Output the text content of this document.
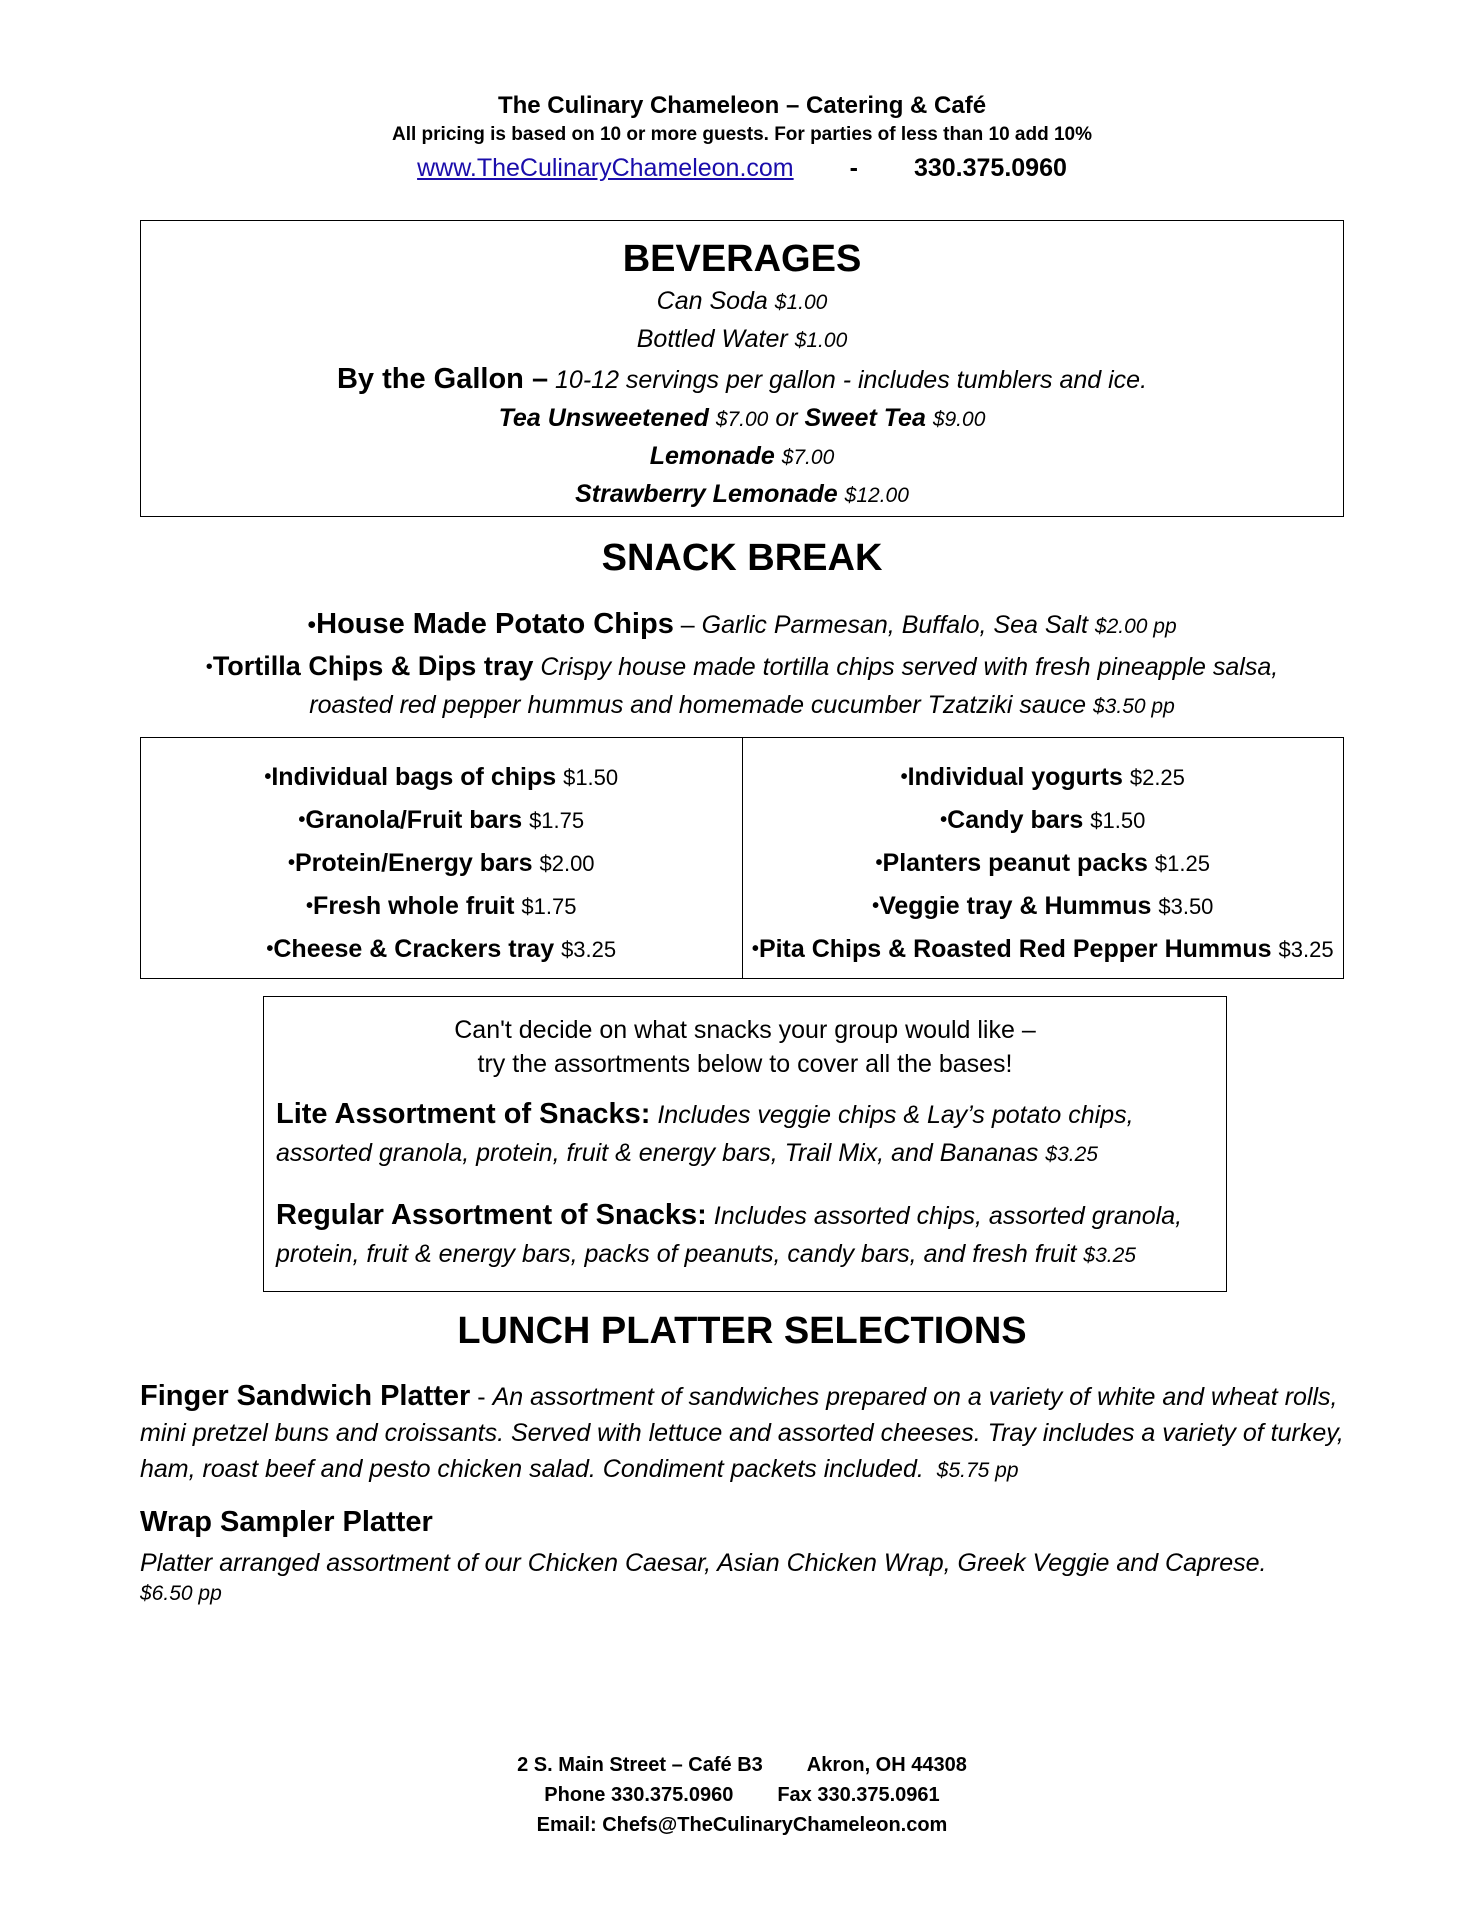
The Culinary Chameleon – Catering & Café
All pricing is based on 10 or more guests. For parties of less than 10 add 10%
www.TheCulinaryChameleon.com - 330.375.0960
BEVERAGES
Can Soda $1.00
Bottled Water $1.00
By the Gallon – 10-12 servings per gallon - includes tumblers and ice.
Tea Unsweetened $7.00 or Sweet Tea $9.00
Lemonade $7.00
Strawberry Lemonade $12.00
SNACK BREAK
•House Made Potato Chips – Garlic Parmesan, Buffalo, Sea Salt $2.00 pp
•Tortilla Chips & Dips tray Crispy house made tortilla chips served with fresh pineapple salsa,
roasted red pepper hummus and homemade cucumber Tzatziki sauce $3.50 pp
•Individual bags of chips $1.50
•Granola/Fruit bars $1.75
•Protein/Energy bars $2.00
•Fresh whole fruit $1.75
•Cheese & Crackers tray $3.25
•Individual yogurts $2.25
•Candy bars $1.50
•Planters peanut packs $1.25
•Veggie tray & Hummus $3.50
•Pita Chips & Roasted Red Pepper Hummus $3.25
Can't decide on what snacks your group would like –
try the assortments below to cover all the bases!
Lite Assortment of Snacks: Includes veggie chips & Lay’s potato chips, assorted granola, protein, fruit & energy bars, Trail Mix, and Bananas $3.25
Regular Assortment of Snacks: Includes assorted chips, assorted granola, protein, fruit & energy bars, packs of peanuts, candy bars, and fresh fruit $3.25
LUNCH PLATTER SELECTIONS
Finger Sandwich Platter - An assortment of sandwiches prepared on a variety of white and wheat rolls, mini pretzel buns and croissants. Served with lettuce and assorted cheeses. Tray includes a variety of turkey, ham, roast beef and pesto chicken salad. Condiment packets included. $5.75 pp
Wrap Sampler Platter
Platter arranged assortment of our Chicken Caesar, Asian Chicken Wrap, Greek Veggie and Caprese.
$6.50 pp
2 S. Main Street – Café B3 Akron, OH 44308
Phone 330.375.0960 Fax 330.375.0961
Email: Chefs@TheCulinaryChameleon.com
